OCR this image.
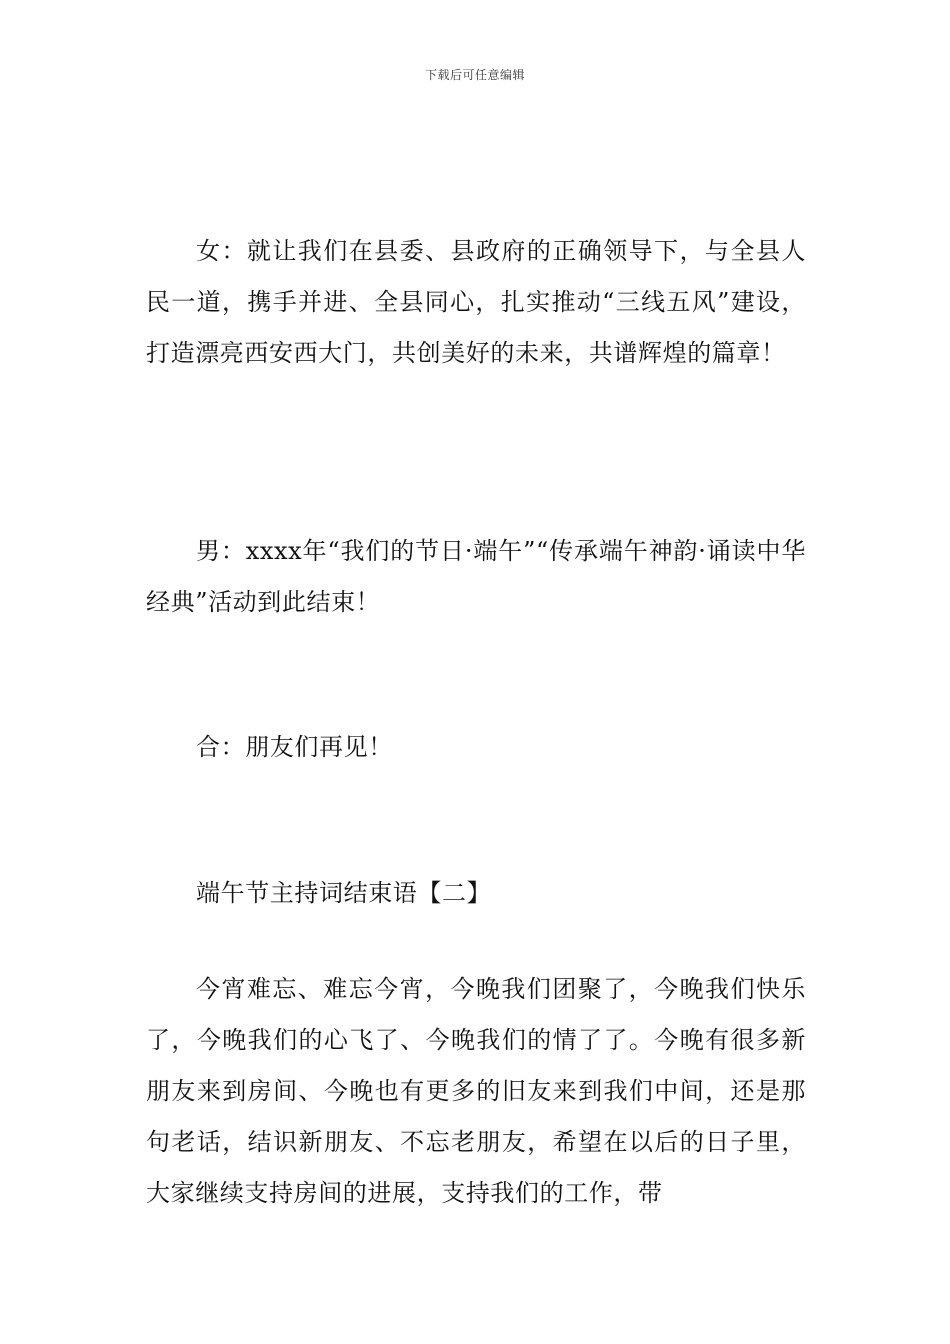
下载后可任意编辑

女：就让我们在县委、县政府的正确领导下，与全县人民一道，携手并进、全县同心，扎实推动“三线五风”建设，打造漂亮西安西大门，共创美好的未来，共谱辉煌的篇章！

男：xxxx年“我们的节日·端午”“传承端午神韵·诵读中华经典”活动到此结束！

合：朋友们再见！

端午节主持词结束语【二】

今宵难忘、难忘今宵，今晚我们团聚了，今晚我们快乐了，今晚我们的心飞了、今晚我们的情了了。今晚有很多新朋友来到房间、今晚也有更多的旧友来到我们中间，还是那句老话，结识新朋友、不忘老朋友，希望在以后的日子里，大家继续支持房间的进展，支持我们的工作，带
